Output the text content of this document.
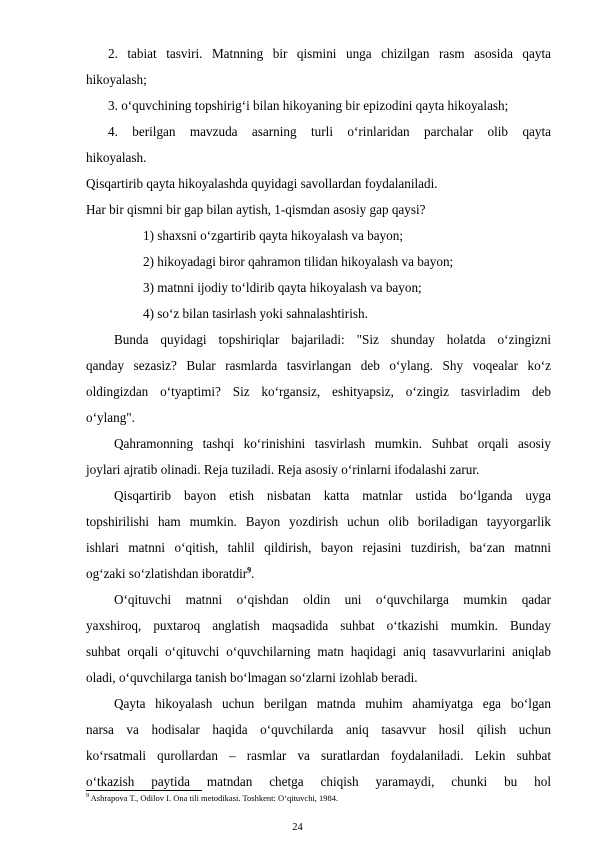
2. tabiat tasviri. Matnning bir qismini unga chizilgan rasm asosida qayta
hikoyalash;
3. o‘quvchining topshirig‘i bilan hikoyaning bir epizodini qayta hikoyalash;
4. berilgan mavzuda asarning turli o‘rinlaridan parchalar olib qayta
hikoyalash.
Qisqartirib qayta hikoyalashda quyidagi savollardan foydalaniladi.
Har bir qismni bir gap bilan aytish, 1-qismdan asosiy gap qaysi?
1) shaxsni o‘zgartirib qayta hikoyalash va bayon;
2) hikoyadagi biror qahramon tilidan hikoyalash va bayon;
3) matnni ijodiy to‘ldirib qayta hikoyalash va bayon;
4) so‘z bilan tasirlash yoki sahnalashtirish.
Bunda quyidagi topshiriqlar bajariladi: "Siz shunday holatda o‘zingizni
qanday sezasiz? Bular rasmlarda tasvirlangan deb o‘ylang. Shy voqealar ko‘z
oldingizdan o‘tyaptimi? Siz ko‘rgansiz, eshityapsiz, o‘zingiz tasvirladim deb
o‘ylang".
Qahramonning tashqi ko‘rinishini tasvirlash mumkin. Suhbat orqali asosiy
joylari ajratib olinadi. Reja tuziladi. Reja asosiy o‘rinlarni ifodalashi zarur.
Qisqartirib bayon etish nisbatan katta matnlar ustida bo‘lganda uyga
topshirilishi ham mumkin. Bayon yozdirish uchun olib boriladigan tayyorgarlik
ishlari matnni o‘qitish, tahlil qildirish, bayon rejasini tuzdirish, ba‘zan matnni
og‘zaki so‘zlatishdan iboratdir$^9$.
O‘qituvchi matnni o‘qishdan oldin uni o‘quvchilarga mumkin qadar
yaxshiroq, puxtaroq anglatish maqsadida suhbat o‘tkazishi mumkin. Bunday
suhbat orqali o‘qituvchi o‘quvchilarning matn haqidagi aniq tasavvurlarini aniqlab
oladi, o‘quvchilarga tanish bo‘lmagan so‘zlarni izohlab beradi.
Qayta hikoyalash uchun berilgan matnda muhim ahamiyatga ega bo‘lgan
narsa va hodisalar haqida o‘quvchilarda aniq tasavvur hosil qilish uchun
ko‘rsatmali qurollardan – rasmlar va suratlardan foydalaniladi. Lekin suhbat
o‘tkazish paytida matndan chetga chiqish yaramaydi, chunki bu hol
$^9$ Ashrapova T., Odilov I. Ona tili metodikasi. Toshkent: O‘qituvchi, 1984.
24
